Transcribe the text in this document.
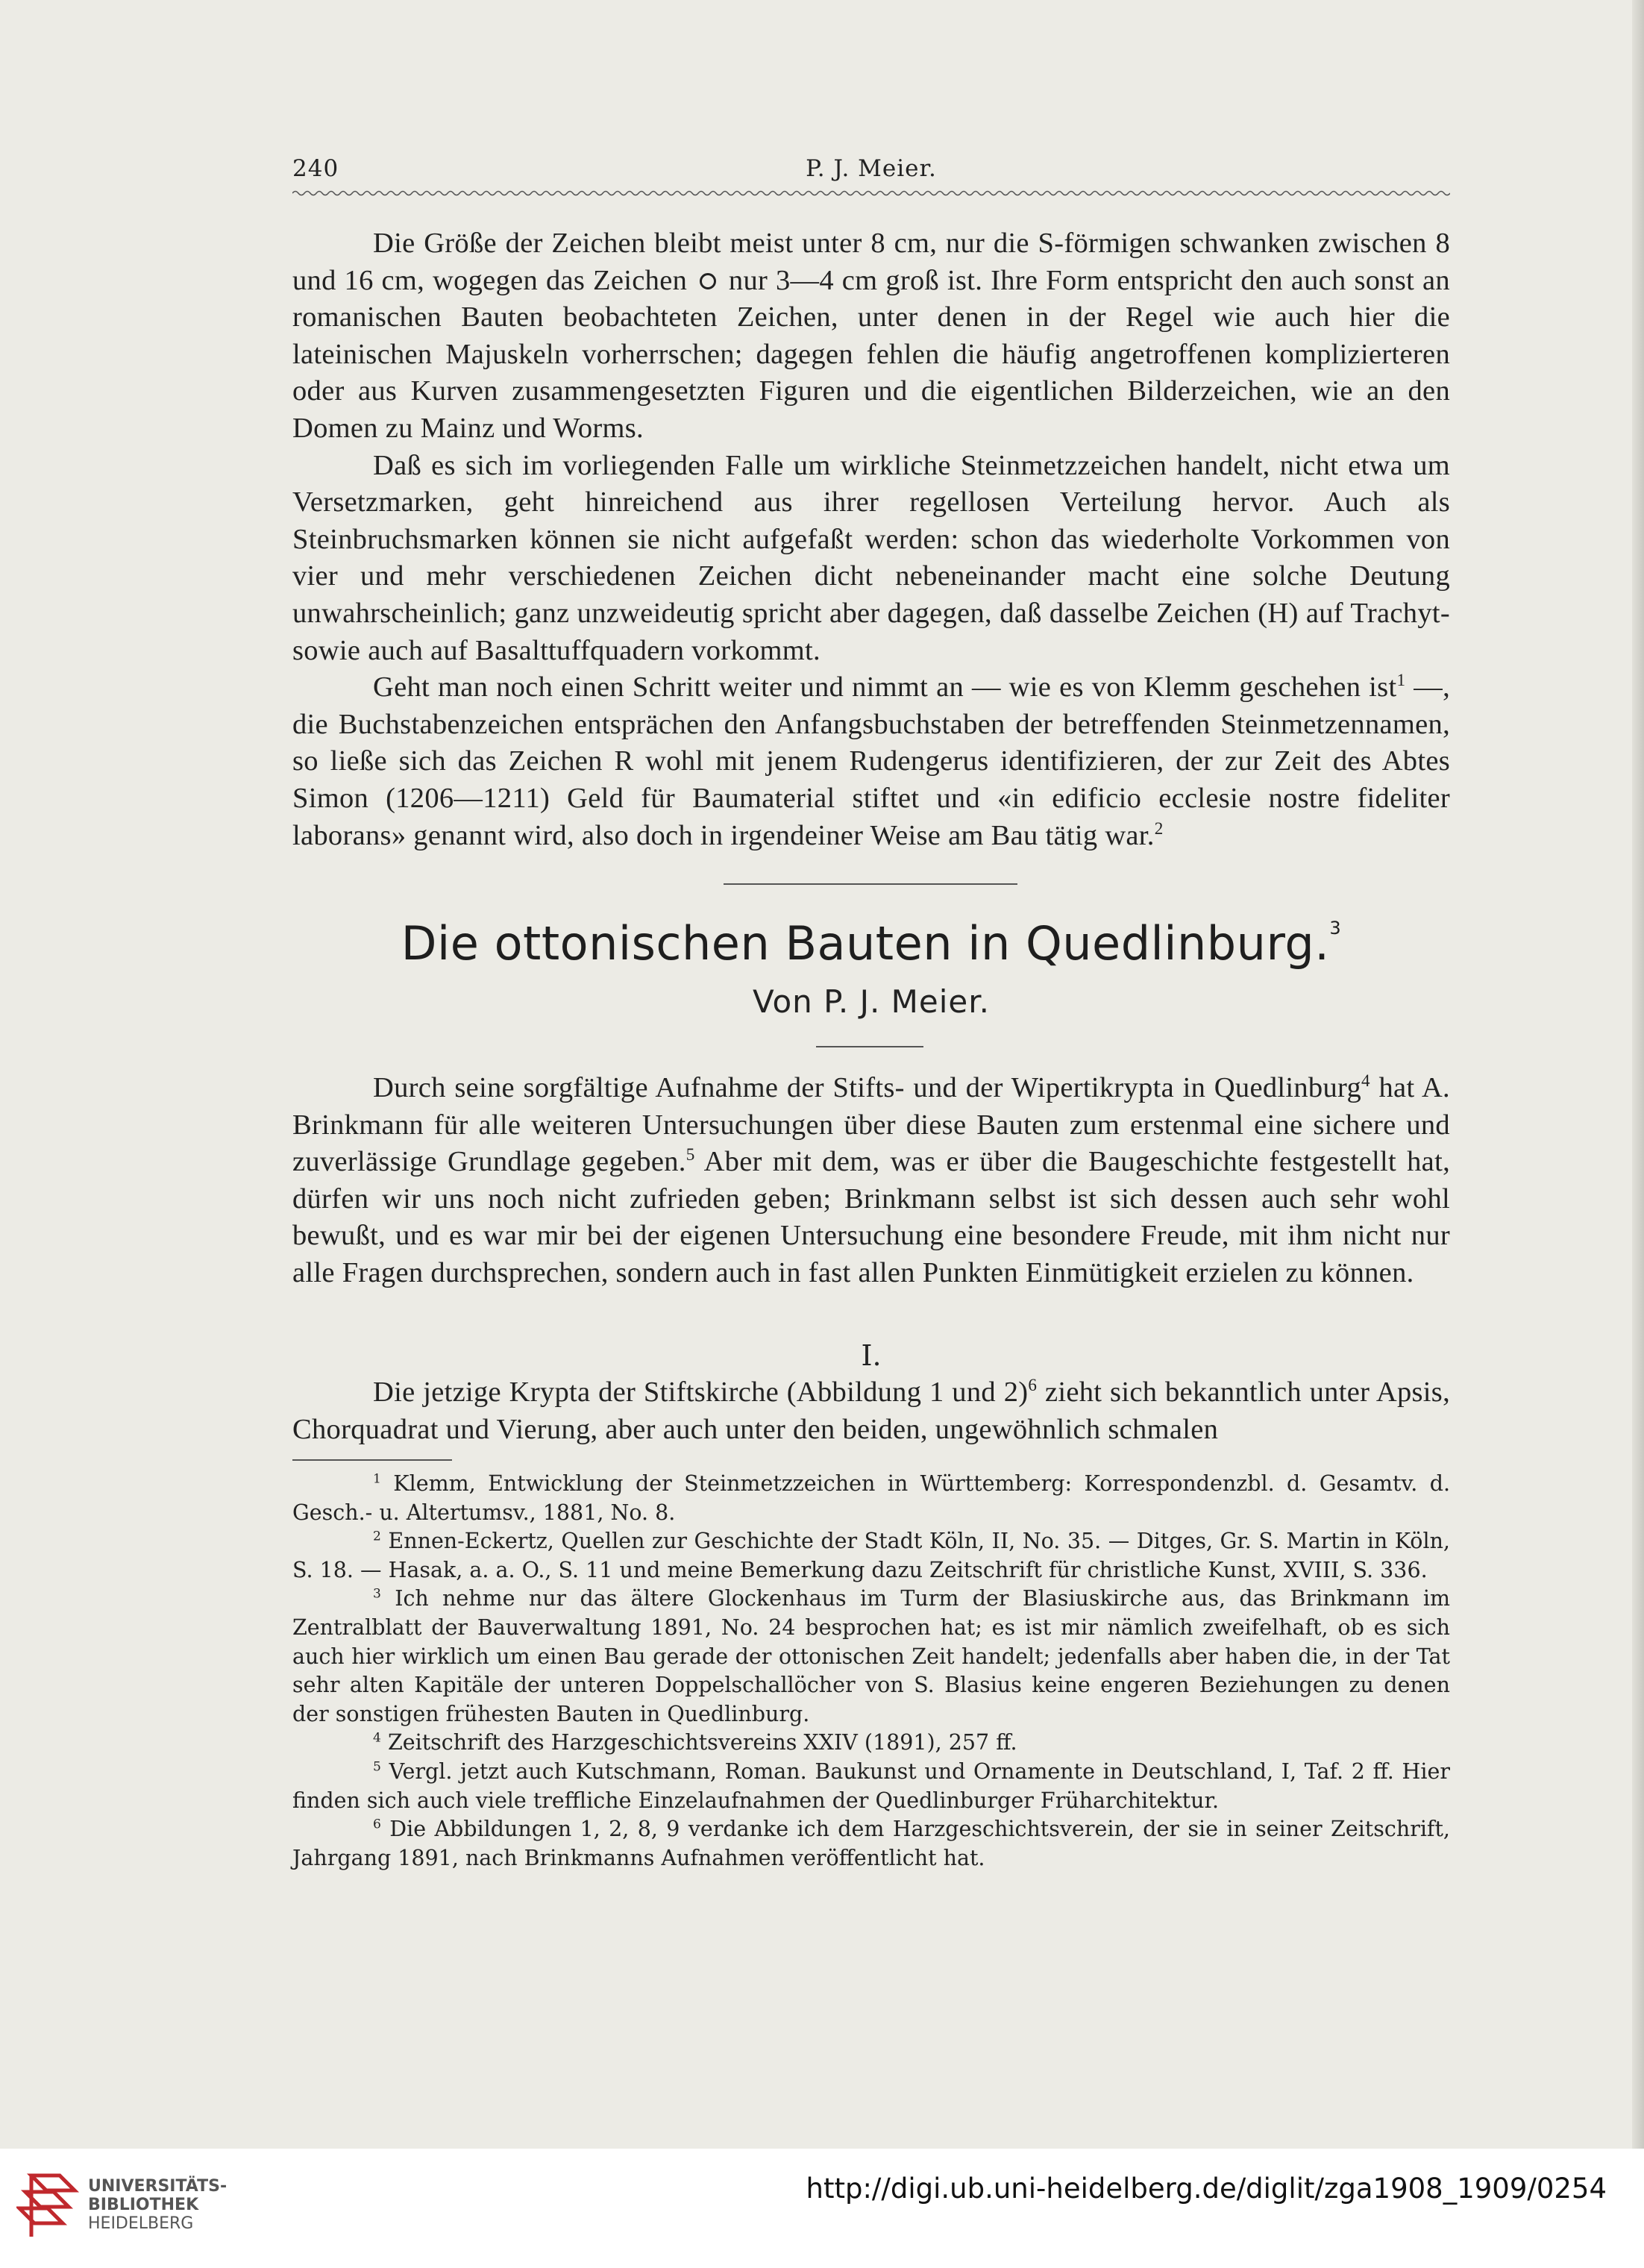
240	P. J. Meier.

Die Größe der Zeichen bleibt meist unter 8 cm, nur die S-förmigen schwanken zwischen 8 und 16 cm, wogegen das Zeichen  nur 3—4 cm groß ist. Ihre Form entspricht den auch sonst an romanischen Bauten beobachteten Zeichen, unter denen in der Regel wie auch hier die lateinischen Majuskeln vorherrschen; dagegen fehlen die häufig angetroffenen komplizierteren oder aus Kurven zusammengesetzten Figuren und die eigentlichen Bilderzeichen, wie an den Domen zu Mainz und Worms.

Daß es sich im vorliegenden Falle um wirkliche Steinmetzzeichen handelt, nicht etwa um Versetzmarken, geht hinreichend aus ihrer regellosen Verteilung hervor. Auch als Steinbruchsmarken können sie nicht aufgefaßt werden: schon das wiederholte Vorkommen von vier und mehr verschiedenen Zeichen dicht nebeneinander macht eine solche Deutung unwahrscheinlich; ganz unzweideutig spricht aber dagegen, daß dasselbe Zeichen (H) auf Trachyt- sowie auch auf Basalttuffquadern vorkommt.

Geht man noch einen Schritt weiter und nimmt an — wie es von Klemm geschehen ist$^1$ —, die Buchstabenzeichen entsprächen den Anfangsbuchstaben der betreffenden Steinmetzennamen, so ließe sich das Zeichen R wohl mit jenem Rudengerus identifizieren, der zur Zeit des Abtes Simon (1206—1211) Geld für Baumaterial stiftet und «in edificio ecclesie nostre fideliter laborans» genannt wird, also doch in irgendeiner Weise am Bau tätig war.$^2$

Die ottonischen Bauten in Quedlinburg.$^3$
Von P. J. Meier.

Durch seine sorgfältige Aufnahme der Stifts- und der Wipertikrypta in Quedlinburg$^4$ hat A. Brinkmann für alle weiteren Untersuchungen über diese Bauten zum erstenmal eine sichere und zuverlässige Grundlage gegeben.$^5$ Aber mit dem, was er über die Baugeschichte festgestellt hat, dürfen wir uns noch nicht zufrieden geben; Brinkmann selbst ist sich dessen auch sehr wohl bewußt, und es war mir bei der eigenen Untersuchung eine besondere Freude, mit ihm nicht nur alle Fragen durchsprechen, sondern auch in fast allen Punkten Einmütigkeit erzielen zu können.

I.

Die jetzige Krypta der Stiftskirche (Abbildung 1 und 2)$^6$ zieht sich bekanntlich unter Apsis, Chorquadrat und Vierung, aber auch unter den beiden, ungewöhnlich schmalen

$^1$ Klemm, Entwicklung der Steinmetzzeichen in Württemberg: Korrespondenzbl. d. Gesamtv. d. Gesch.- u. Altertumsv., 1881, No. 8.

$^2$ Ennen-Eckertz, Quellen zur Geschichte der Stadt Köln, II, No. 35. — Ditges, Gr. S. Martin in Köln, S. 18. — Hasak, a. a. O., S. 11 und meine Bemerkung dazu Zeitschrift für christliche Kunst, XVIII, S. 336.

$^3$ Ich nehme nur das ältere Glockenhaus im Turm der Blasiuskirche aus, das Brinkmann im Zentralblatt der Bauverwaltung 1891, No. 24 besprochen hat; es ist mir nämlich zweifelhaft, ob es sich auch hier wirklich um einen Bau gerade der ottonischen Zeit handelt; jedenfalls aber haben die, in der Tat sehr alten Kapitäle der unteren Doppelschallöcher von S. Blasius keine engeren Beziehungen zu denen der sonstigen frühesten Bauten in Quedlinburg.

$^4$ Zeitschrift des Harzgeschichtsvereins XXIV (1891), 257 ff.

$^5$ Vergl. jetzt auch Kutschmann, Roman. Baukunst und Ornamente in Deutschland, I, Taf. 2 ff. Hier finden sich auch viele treffliche Einzelaufnahmen der Quedlinburger Früharchitektur.

$^6$ Die Abbildungen 1, 2, 8, 9 verdanke ich dem Harzgeschichtsverein, der sie in seiner Zeitschrift, Jahrgang 1891, nach Brinkmanns Aufnahmen veröffentlicht hat.

UNIVERSITÄTS-
BIBLIOTHEK
HEIDELBERG
http://digi.ub.uni-heidelberg.de/diglit/zga1908_1909/0254
